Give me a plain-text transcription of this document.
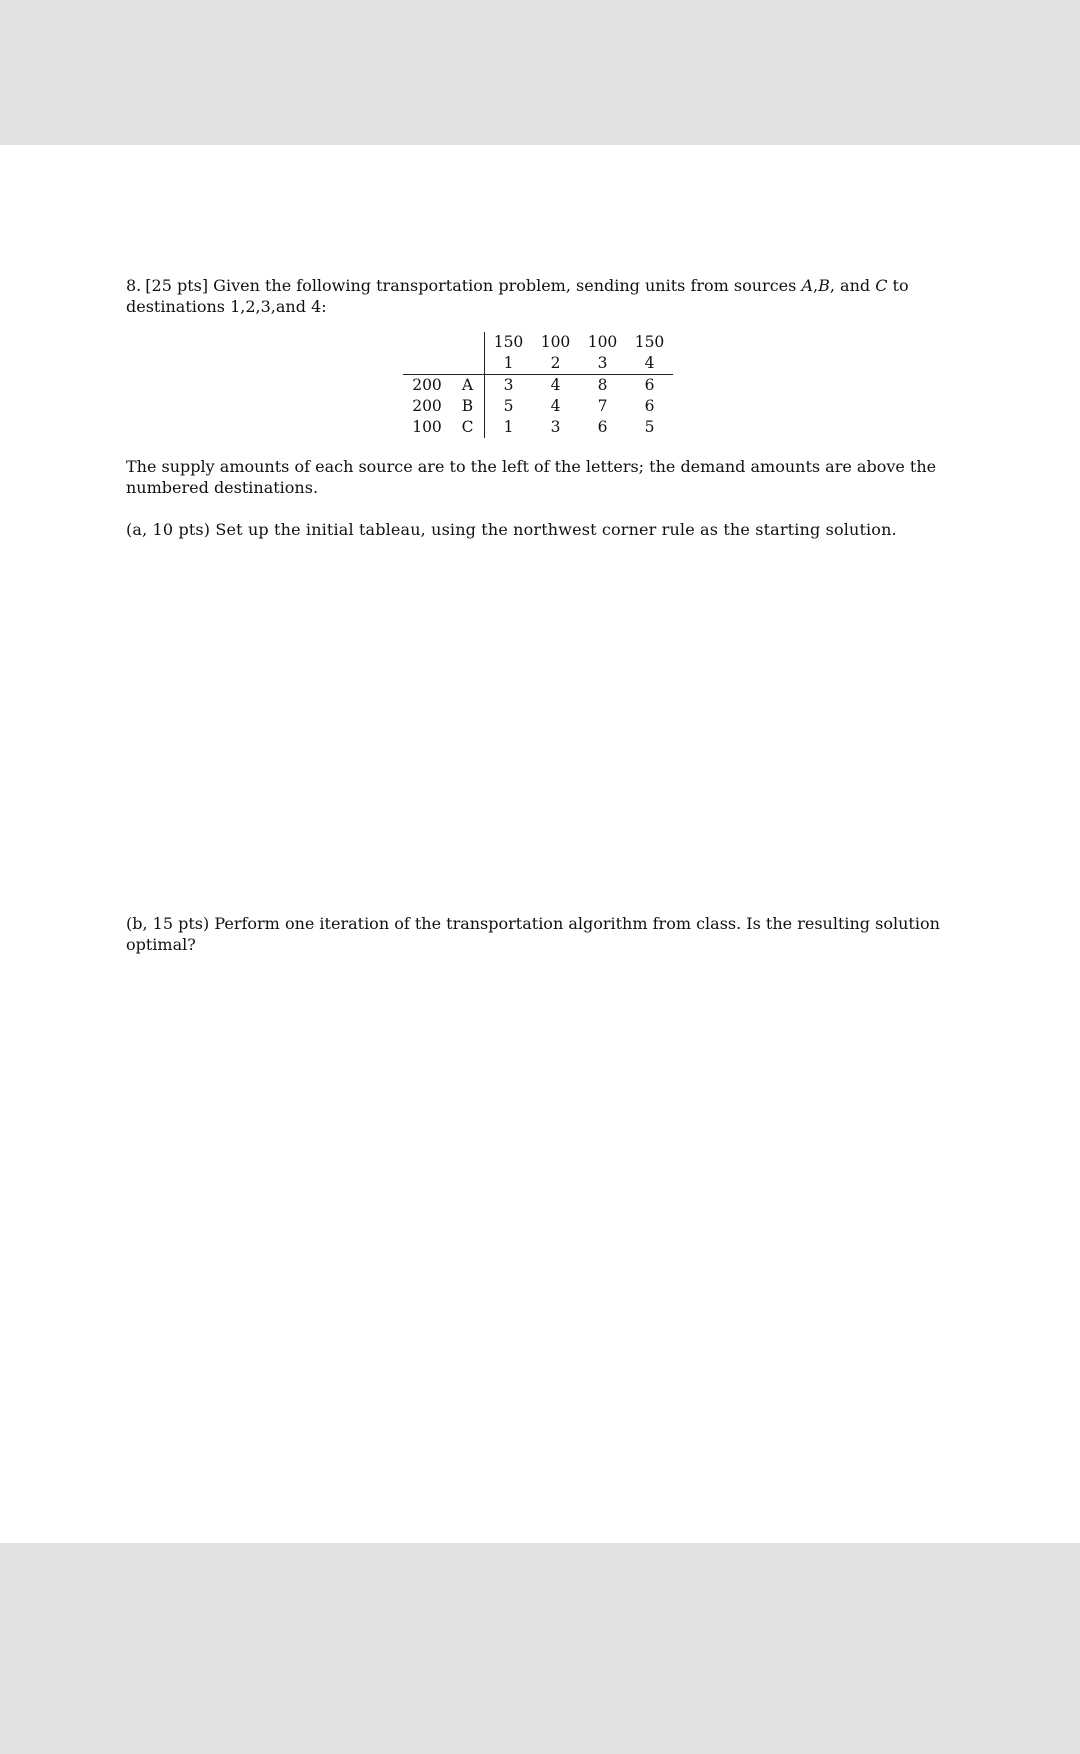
8. [25 pts] Given the following transportation problem, sending units from sources A,B, and C to destinations 1,2,3,and 4:

		150	100	100	150
		1	2	3	4
200	A	3	4	8	6
200	B	5	4	7	6
100	C	1	3	6	5

The supply amounts of each source are to the left of the letters; the demand amounts are above the numbered destinations.

(a, 10 pts) Set up the initial tableau, using the northwest corner rule as the starting solution.

(b, 15 pts) Perform one iteration of the transportation algorithm from class. Is the resulting solution optimal?
